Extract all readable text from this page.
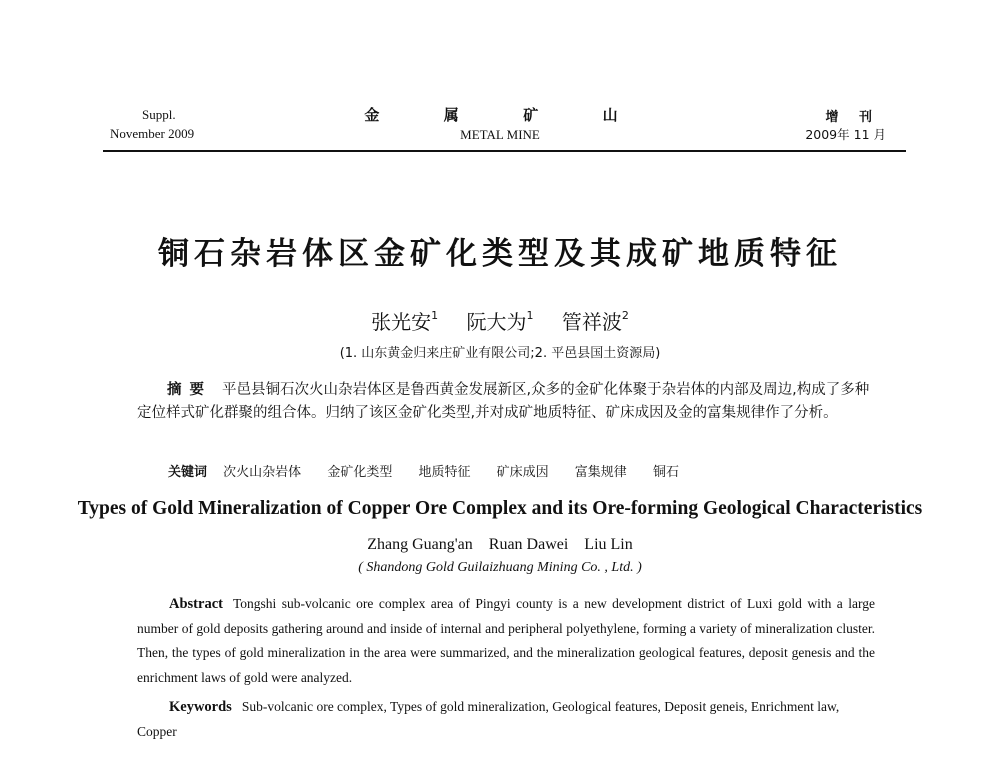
Suppl.
November 2009
金  属  矿  山
METAL MINE
增 刊
2009年 11 月
铜石杂岩体区金矿化类型及其成矿地质特征
张光安$^1$ 阮大为$^1$ 管祥波$^2$
(1. 山东黄金归来庄矿业有限公司;2. 平邑县国土资源局)
摘要 平邑县铜石次火山杂岩体区是鲁西黄金发展新区,众多的金矿化体聚于杂岩体的内部及周边,构成了多种定位样式矿化群聚的组合体。归纳了该区金矿化类型,并对成矿地质特征、矿床成因及金的富集规律作了分析。
关键词 次火山杂岩体 金矿化类型 地质特征 矿床成因 富集规律 铜石
Types of Gold Mineralization of Copper Ore Complex and its Ore-forming Geological Characteristics
Zhang Guang'an Ruan Dawei Liu Lin
( Shandong Gold Guilaizhuang Mining Co. , Ltd. )
Abstract Tongshi sub-volcanic ore complex area of Pingyi county is a new development district of Luxi gold with a large number of gold deposits gathering around and inside of internal and peripheral polyethylene, forming a variety of mineralization cluster. Then, the types of gold mineralization in the area were summarized, and the mineralization geological features, deposit genesis and the enrichment laws of gold were analyzed.
Keywords Sub-volcanic ore complex, Types of gold mineralization, Geological features, Deposit geneis, Enrichment law, Copper
